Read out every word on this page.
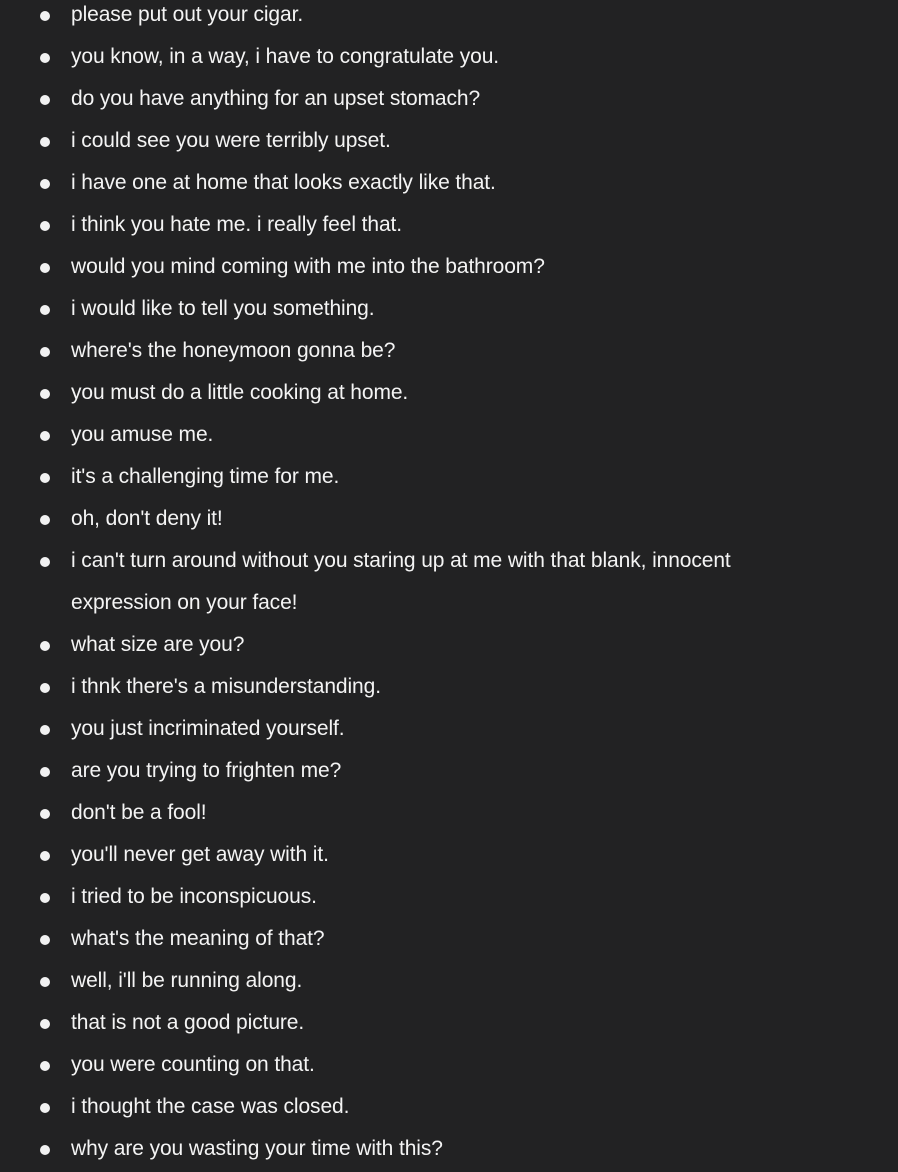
please put out your cigar.
you know, in a way, i have to congratulate you.
do you have anything for an upset stomach?
i could see you were terribly upset.
i have one at home that looks exactly like that.
i think you hate me. i really feel that.
would you mind coming with me into the bathroom?
i would like to tell you something.
where's the honeymoon gonna be?
you must do a little cooking at home.
you amuse me.
it's a challenging time for me.
oh, don't deny it!
i can't turn around without you staring up at me with that blank, innocent expression on your face!
what size are you?
i thnk there's a misunderstanding.
you just incriminated yourself.
are you trying to frighten me?
don't be a fool!
you'll never get away with it.
i tried to be inconspicuous.
what's the meaning of that?
well, i'll be running along.
that is not a good picture.
you were counting on that.
i thought the case was closed.
why are you wasting your time with this?
